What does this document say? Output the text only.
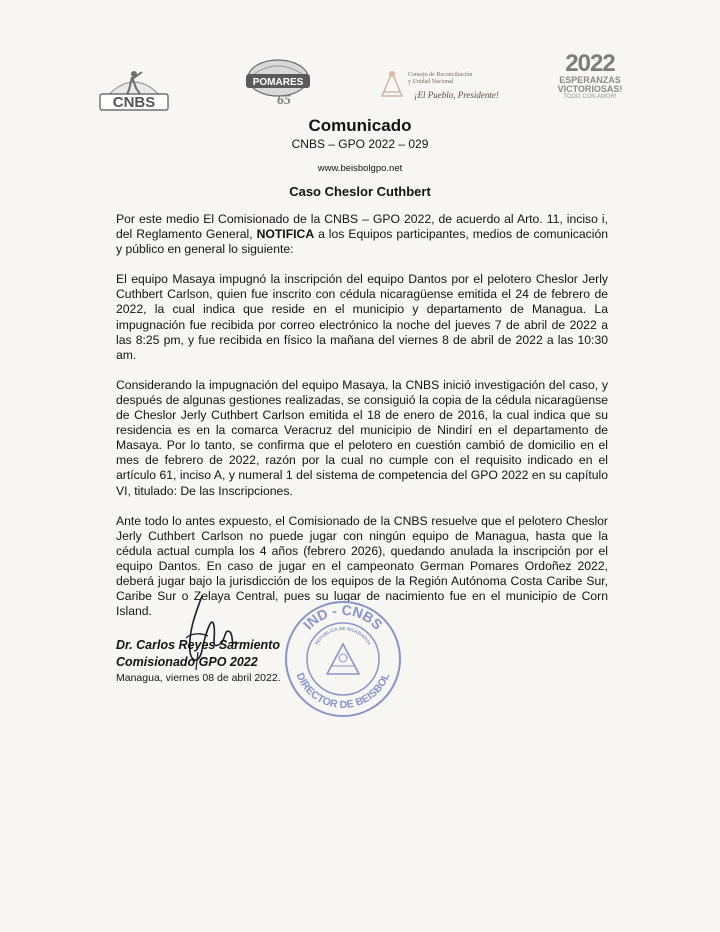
CNBS
POMARES
65
Consejo de Reconciliación
y Unidad Nacional
¡El Pueblo, Presidente!
2022
ESPERANZAS
VICTORIOSAS!
TODO CON AMOR!
Comunicado
CNBS – GPO 2022 – 029
www.beisbolgpo.net
Caso Cheslor Cuthbert

Por este medio El Comisionado de la CNBS – GPO 2022, de acuerdo al Arto. 11, inciso i, del Reglamento General, NOTIFICA a los Equipos participantes, medios de comunicación y público en general lo siguiente:

El equipo Masaya impugnó la inscripción del equipo Dantos por el pelotero Cheslor Jerly Cuthbert Carlson, quien fue inscrito con cédula nicaragüense emitida el 24 de febrero de 2022, la cual indica que reside en el municipio y departamento de Managua. La impugnación fue recibida por correo electrónico la noche del jueves 7 de abril de 2022 a las 8:25 pm, y fue recibida en físico la mañana del viernes 8 de abril de 2022 a las 10:30 am.

Considerando la impugnación del equipo Masaya, la CNBS inició investigación del caso, y después de algunas gestiones realizadas, se consiguió la copia de la cédula nicaragüense de Cheslor Jerly Cuthbert Carlson emitida el 18 de enero de 2016, la cual indica que su residencia es en la comarca Veracruz del municipio de Nindirí en el departamento de Masaya. Por lo tanto, se confirma que el pelotero en cuestión cambió de domicilio en el mes de febrero de 2022, razón por la cual no cumple con el requisito indicado en el artículo 61, inciso A, y numeral 1 del sistema de competencia del GPO 2022 en su capítulo VI, titulado: De las Inscripciones.

Ante todo lo antes expuesto, el Comisionado de la CNBS resuelve que el pelotero Cheslor Jerly Cuthbert Carlson no puede jugar con ningún equipo de Managua, hasta que la cédula actual cumpla los 4 años (febrero 2026), quedando anulada la inscripción por el equipo Dantos. En caso de jugar en el campeonato German Pomares Ordoñez 2022, deberá jugar bajo la jurisdicción de los equipos de la Región Autónoma Costa Caribe Sur, Caribe Sur o Zelaya Central, pues su lugar de nacimiento fue en el municipio de Corn Island.

Dr. Carlos Reyes Sarmiento
Comisionado GPO 2022
Managua, viernes 08 de abril 2022.
IND - CNBS
DIRECTOR DE BEISBOL
REPUBLICA DE NICARAGUA
